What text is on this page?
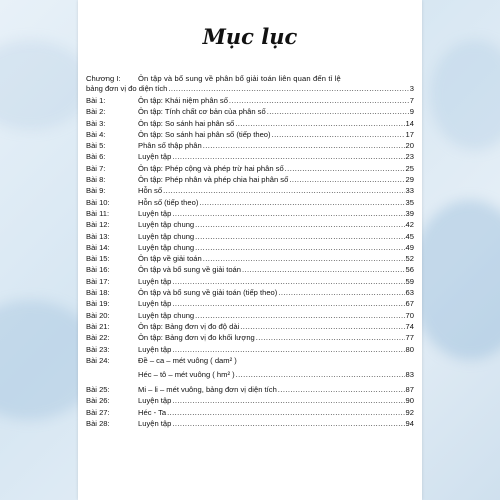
Mục lục
Chương I:	Ôn tập và bổ sung về phân bổ giải toán liên quan đến tỉ lệ
bảng đơn vị đo diện tích .....	3
Bài 1:	Ôn tập: Khái niệm phân số .....	7
Bài 2:	Ôn tập: Tính chất cơ bản của phân số .....	9
Bài 3:	Ôn tập: So sánh hai phân số .....	14
Bài 4:	Ôn tập: So sánh hai phân số (tiếp theo) .....	17
Bài 5:	Phân số thập phân .....	20
Bài 6:	Luyện tập .....	23
Bài 7:	Ôn tập: Phép cộng và phép trừ hai phân số .....	25
Bài 8:	Ôn tập: Phép nhân và phép chia hai phân số .....	29
Bài 9:	Hỗn số .....	33
Bài 10:	Hỗn số (tiếp theo) .....	35
Bài 11:	Luyện tập .....	39
Bài 12:	Luyện tập chung .....	42
Bài 13:	Luyện tập chung .....	45
Bài 14:	Luyện tập chung .....	49
Bài 15:	Ôn tập về giải toán .....	52
Bài 16:	Ôn tập và bổ sung về giải toán .....	56
Bài 17:	Luyện tập .....	59
Bài 18:	Ôn tập và bổ sung về giải toán (tiếp theo) .....	63
Bài 19:	Luyện tập .....	67
Bài 20:	Luyện tập chung .....	70
Bài 21:	Ôn tập: Bảng đơn vị đo độ dài .....	74
Bài 22:	Ôn tập: Bảng đơn vị đo khối lượng .....	77
Bài 23:	Luyện tập .....	80
Bài 24:	Đề – ca – mét vuông ( dam² )
Héc – tô – mét vuông ( hm² ) .....	83
Bài 25:	Mi – li – mét vuông, bảng đơn vị diện tích .....	87
Bài 26:	Luyện tập .....	90
Bài 27:	Héc - Ta .....	92
Bài 28:	Luyện tập .....	94
